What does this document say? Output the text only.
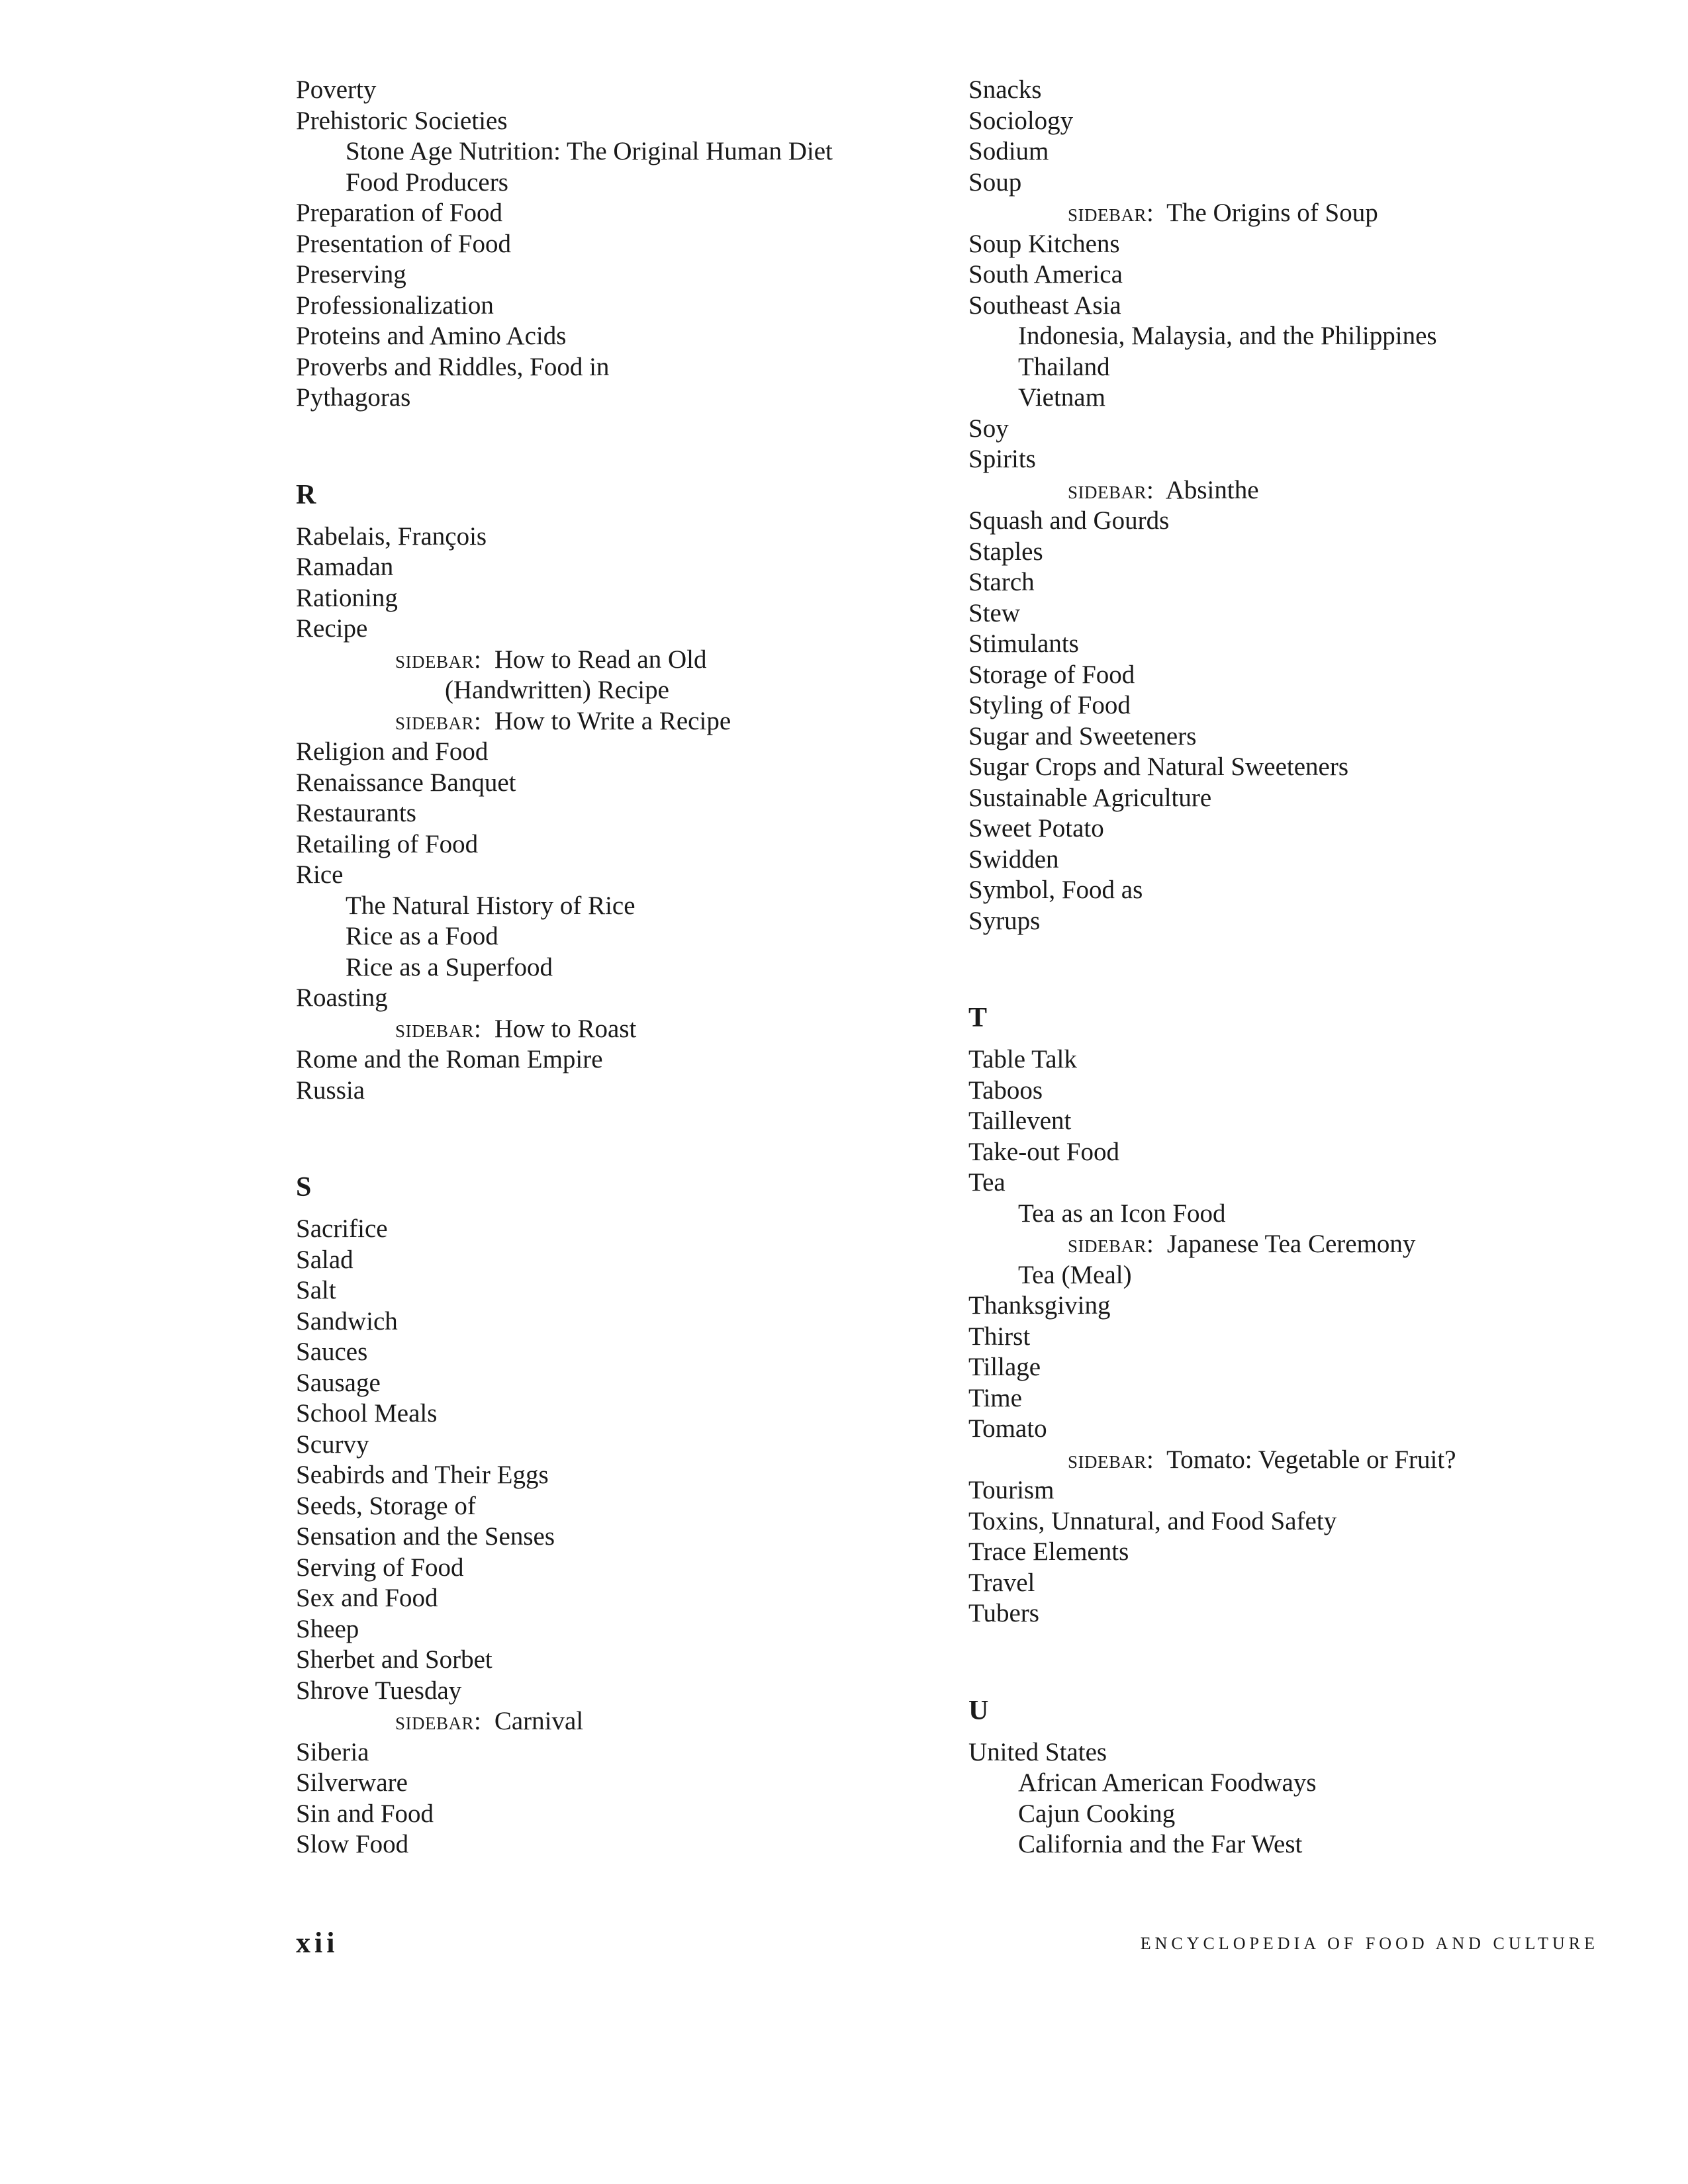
Poverty
Prehistoric Societies
Stone Age Nutrition: The Original Human Diet
Food Producers
Preparation of Food
Presentation of Food
Preserving
Professionalization
Proteins and Amino Acids
Proverbs and Riddles, Food in
Pythagoras
R
Rabelais, François
Ramadan
Rationing
Recipe
sidebar: How to Read an Old
(Handwritten) Recipe
sidebar: How to Write a Recipe
Religion and Food
Renaissance Banquet
Restaurants
Retailing of Food
Rice
The Natural History of Rice
Rice as a Food
Rice as a Superfood
Roasting
sidebar: How to Roast
Rome and the Roman Empire
Russia
S
Sacrifice
Salad
Salt
Sandwich
Sauces
Sausage
School Meals
Scurvy
Seabirds and Their Eggs
Seeds, Storage of
Sensation and the Senses
Serving of Food
Sex and Food
Sheep
Sherbet and Sorbet
Shrove Tuesday
sidebar: Carnival
Siberia
Silverware
Sin and Food
Slow Food
Snacks
Sociology
Sodium
Soup
sidebar: The Origins of Soup
Soup Kitchens
South America
Southeast Asia
Indonesia, Malaysia, and the Philippines
Thailand
Vietnam
Soy
Spirits
sidebar: Absinthe
Squash and Gourds
Staples
Starch
Stew
Stimulants
Storage of Food
Styling of Food
Sugar and Sweeteners
Sugar Crops and Natural Sweeteners
Sustainable Agriculture
Sweet Potato
Swidden
Symbol, Food as
Syrups
T
Table Talk
Taboos
Taillevent
Take-out Food
Tea
Tea as an Icon Food
sidebar: Japanese Tea Ceremony
Tea (Meal)
Thanksgiving
Thirst
Tillage
Time
Tomato
sidebar: Tomato: Vegetable or Fruit?
Tourism
Toxins, Unnatural, and Food Safety
Trace Elements
Travel
Tubers
U
United States
African American Foodways
Cajun Cooking
California and the Far West
xii	ENCYCLOPEDIA OF FOOD AND CULTURE
